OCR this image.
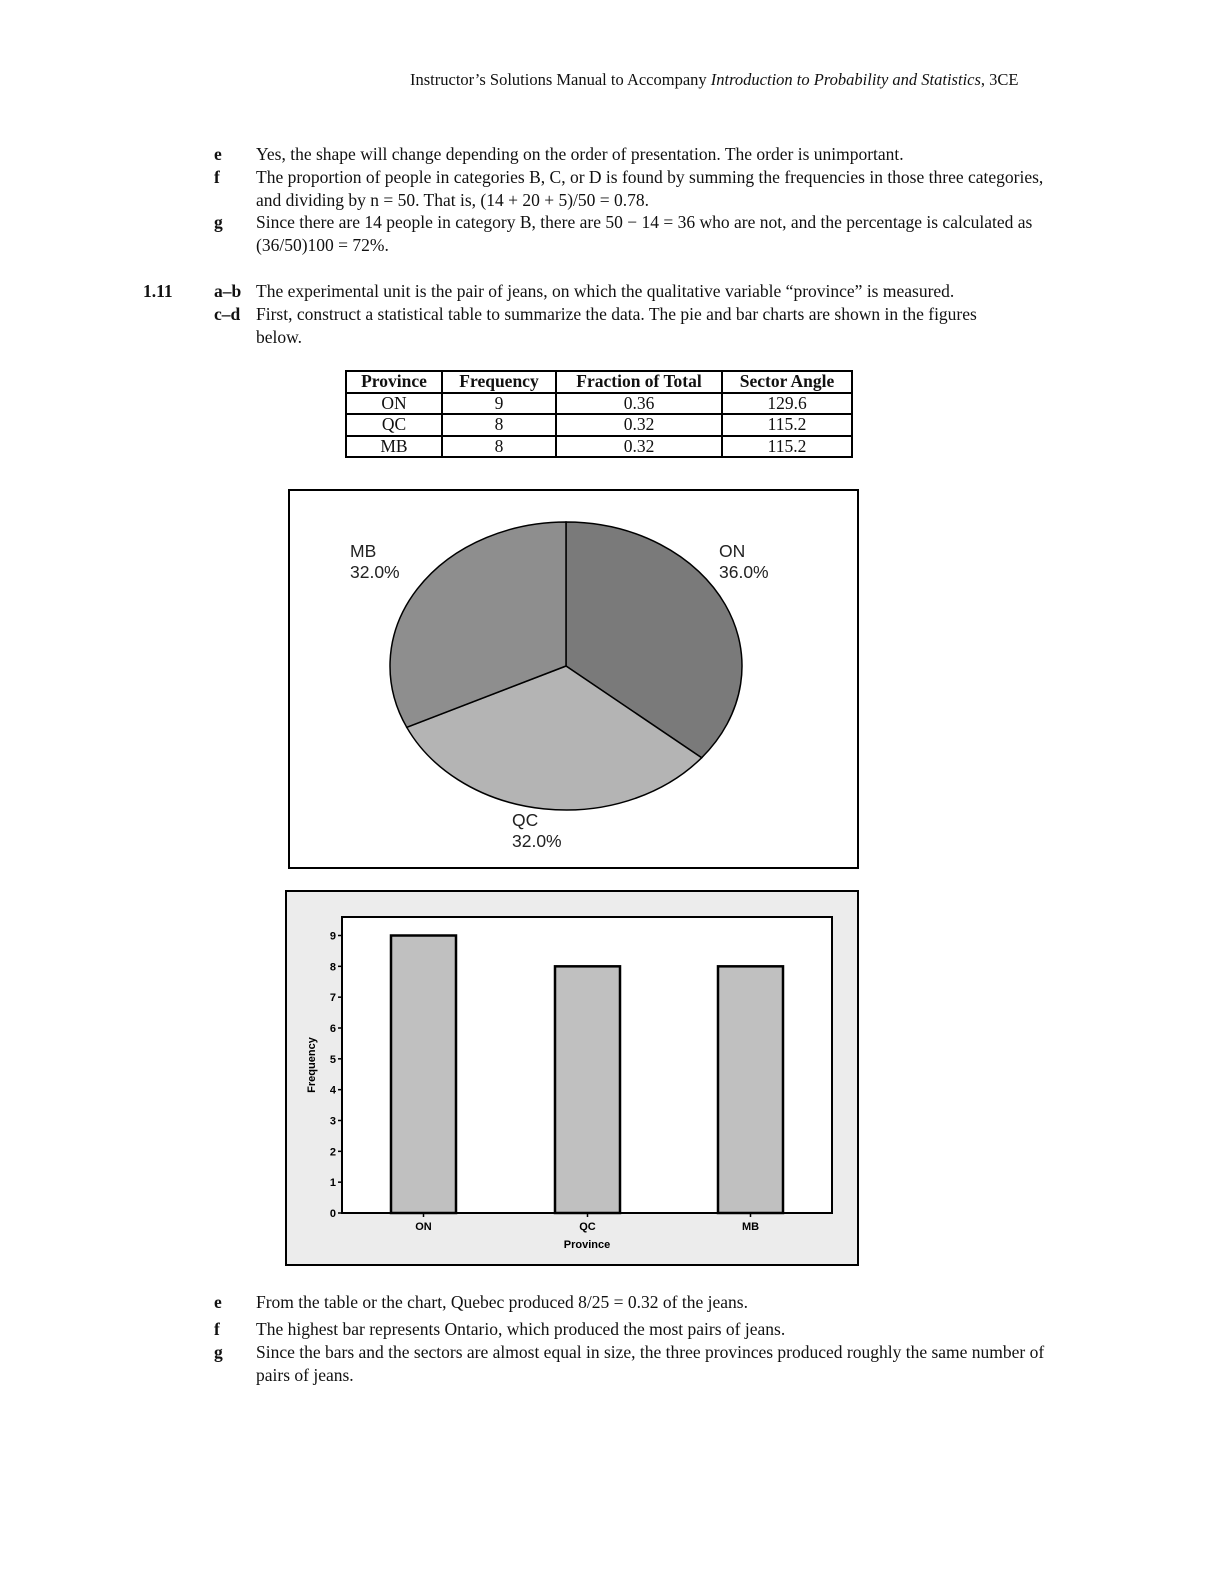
Instructor’s Solutions Manual to Accompany Introduction to Probability and Statistics, 3CE
e Yes, the shape will change depending on the order of presentation. The order is unimportant.
f The proportion of people in categories B, C, or D is found by summing the frequencies in those three categories, and dividing by n = 50. That is, (14 + 20 + 5)/50 = 0.78.
g Since there are 14 people in category B, there are 50 − 14 = 36 who are not, and the percentage is calculated as (36/50)100 = 72%.
1.11 a–b The experimental unit is the pair of jeans, on which the qualitative variable “province” is measured.
c–d First, construct a statistical table to summarize the data. The pie and bar charts are shown in the figures below.
Province	Frequency	Fraction of Total	Sector Angle
ON	9	0.36	129.6
QC	8	0.32	115.2
MB	8	0.32	115.2
ON
36.0%
QC
32.0%
MB
32.0%
0
1
2
3
4
5
6
7
8
9
ON	QC	MB
Province
Frequency
e From the table or the chart, Quebec produced 8/25 = 0.32 of the jeans.
f The highest bar represents Ontario, which produced the most pairs of jeans.
g Since the bars and the sectors are almost equal in size, the three provinces produced roughly the same number of pairs of jeans.
